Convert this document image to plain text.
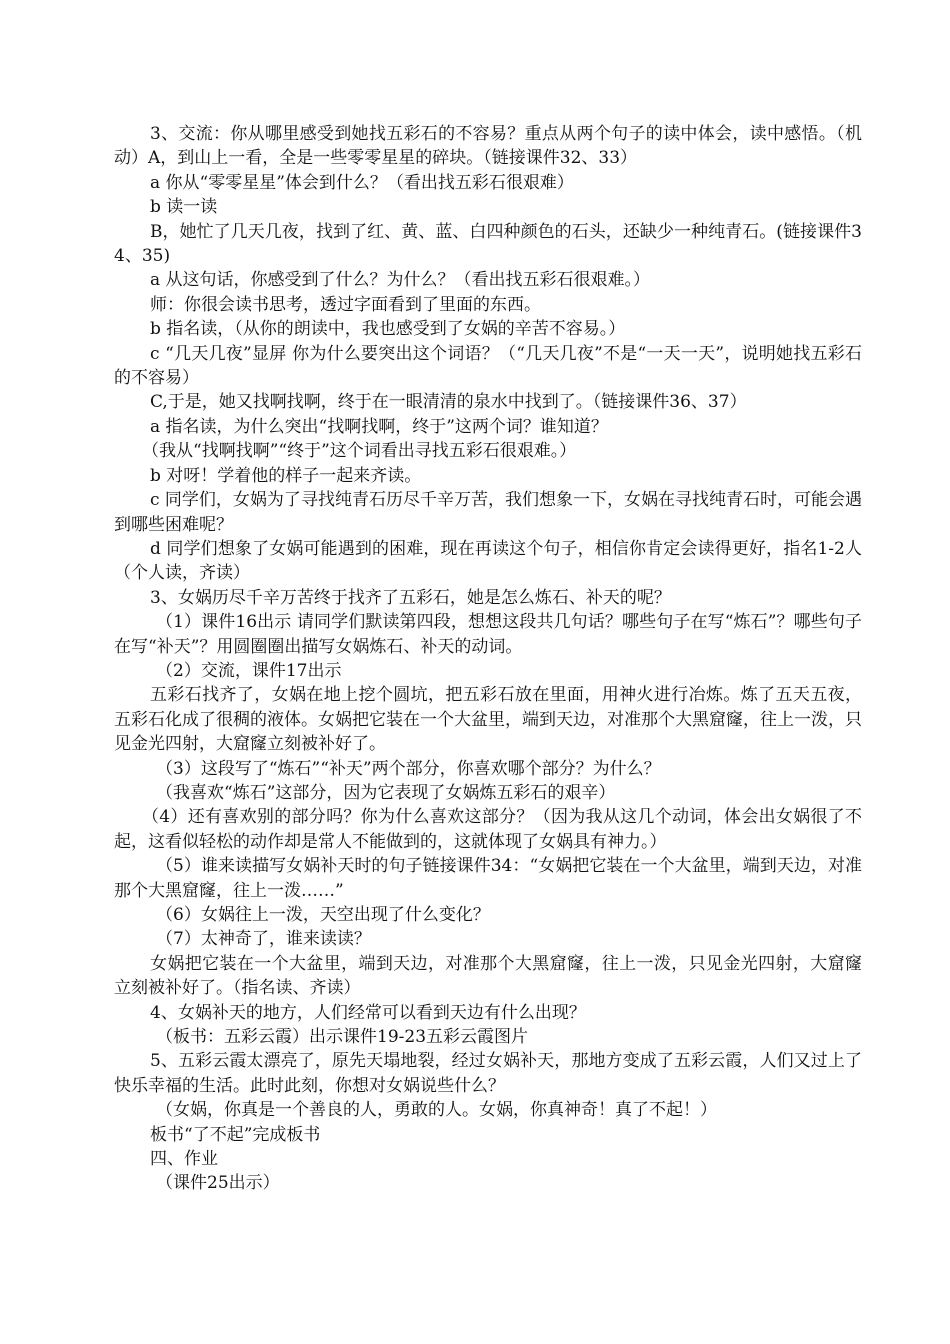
3、交流：你从哪里感受到她找五彩石的不容易？重点从两个句子的读中体会，读中感悟。（机动）A，到山上一看，全是一些零零星星的碎块。（链接课件32、33）

a 你从“零零星星”体会到什么？（看出找五彩石很艰难）

b 读一读

B，她忙了几天几夜，找到了红、黄、蓝、白四种颜色的石头，还缺少一种纯青石。(链接课件34、35)

a 从这句话，你感受到了什么？为什么？（看出找五彩石很艰难。）

师：你很会读书思考，透过字面看到了里面的东西。

b 指名读，（从你的朗读中，我也感受到了女娲的辛苦不容易。）

c “几天几夜”显屏 你为什么要突出这个词语？（“几天几夜”不是“一天一天”，说明她找五彩石的不容易）

C,于是，她又找啊找啊，终于在一眼清清的泉水中找到了。（链接课件36、37）

a 指名读，为什么突出“找啊找啊，终于”这两个词？谁知道？

（我从“找啊找啊”“终于”这个词看出寻找五彩石很艰难。）

b 对呀！学着他的样子一起来齐读。

c 同学们，女娲为了寻找纯青石历尽千辛万苦，我们想象一下，女娲在寻找纯青石时，可能会遇到哪些困难呢？

d 同学们想象了女娲可能遇到的困难，现在再读这个句子，相信你肯定会读得更好，指名1-2人（个人读，齐读）

3、女娲历尽千辛万苦终于找齐了五彩石，她是怎么炼石、补天的呢？

（1）课件16出示 请同学们默读第四段，想想这段共几句话？哪些句子在写“炼石”？哪些句子在写“补天”？用圆圈圈出描写女娲炼石、补天的动词。

（2）交流，课件17出示

五彩石找齐了，女娲在地上挖个圆坑，把五彩石放在里面，用神火进行冶炼。炼了五天五夜，五彩石化成了很稠的液体。女娲把它装在一个大盆里，端到天边，对准那个大黑窟窿，往上一泼，只见金光四射，大窟窿立刻被补好了。

（3）这段写了“炼石”“补天”两个部分，你喜欢哪个部分？为什么？

（我喜欢“炼石”这部分，因为它表现了女娲炼五彩石的艰辛）

（4）还有喜欢别的部分吗？你为什么喜欢这部分？（因为我从这几个动词，体会出女娲很了不起，这看似轻松的动作却是常人不能做到的，这就体现了女娲具有神力。）

（5）谁来读描写女娲补天时的句子链接课件34：“女娲把它装在一个大盆里，端到天边，对准那个大黑窟窿，往上一泼……”

（6）女娲往上一泼，天空出现了什么变化？

（7）太神奇了，谁来读读？

女娲把它装在一个大盆里，端到天边，对准那个大黑窟窿，往上一泼，只见金光四射，大窟窿立刻被补好了。（指名读、齐读）

4、女娲补天的地方，人们经常可以看到天边有什么出现？

（板书：五彩云霞）出示课件19-23五彩云霞图片

5、五彩云霞太漂亮了，原先天塌地裂，经过女娲补天，那地方变成了五彩云霞，人们又过上了快乐幸福的生活。此时此刻，你想对女娲说些什么？

（女娲，你真是一个善良的人，勇敢的人。女娲，你真神奇！真了不起！）

板书“了不起”完成板书

四、作业

（课件25出示）
